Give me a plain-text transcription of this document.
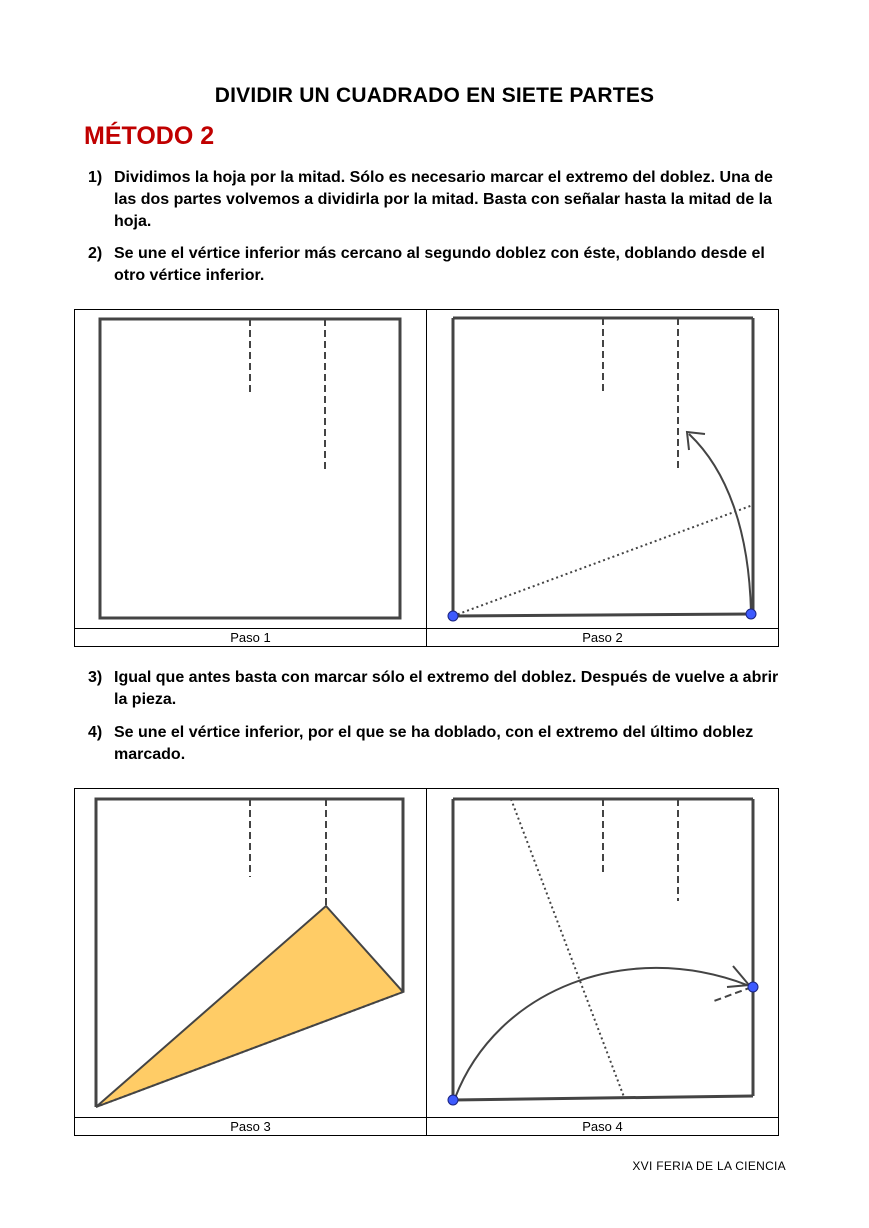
DIVIDIR UN CUADRADO EN SIETE PARTES
MÉTODO 2
1) Dividimos la hoja por la mitad. Sólo es necesario marcar el extremo del doblez. Una de las dos partes volvemos a dividirla por la mitad. Basta con señalar hasta la mitad de la hoja.
2) Se une el vértice inferior más cercano al segundo doblez con éste, doblando desde el otro vértice inferior.
Paso 1	Paso 2
3) Igual que antes basta con marcar sólo el extremo del doblez. Después de vuelve a abrir la pieza.
4) Se une el vértice inferior, por el que se ha doblado, con el extremo del último doblez marcado.
Paso 3	Paso 4
XVI FERIA DE LA CIENCIA
